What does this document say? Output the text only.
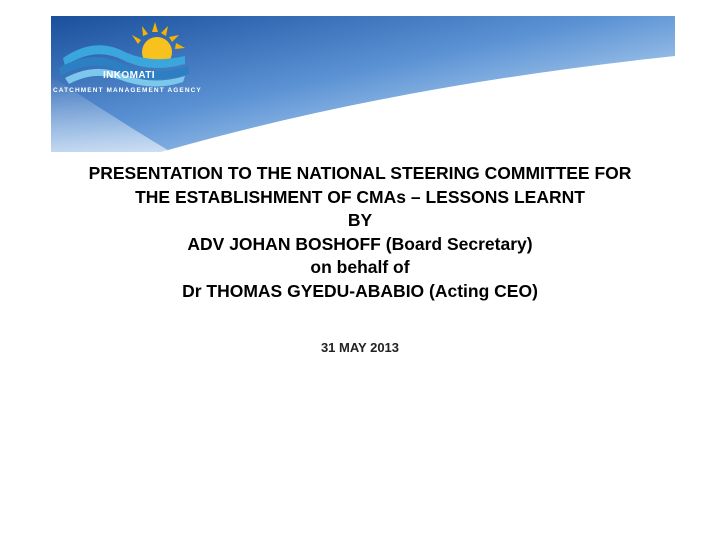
INKOMATI
CATCHMENT MANAGEMENT AGENCY
PRESENTATION TO THE NATIONAL STEERING COMMITTEE FOR
THE ESTABLISHMENT OF CMAs – LESSONS LEARNT
BY
ADV JOHAN BOSHOFF (Board Secretary)
on behalf of
Dr THOMAS GYEDU-ABABIO (Acting CEO)
31 MAY 2013
